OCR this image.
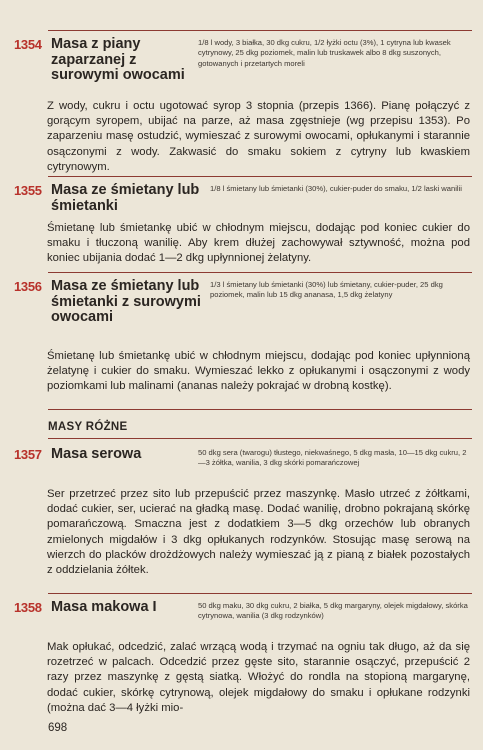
1354 Masa z piany zaparzanej z surowymi owocami
1/8 l wody, 3 białka, 30 dkg cukru, 1/2 łyżki octu (3%), 1 cytryna lub kwasek cytrynowy, 25 dkg poziomek, malin lub truskawek albo 8 dkg suszonych, gotowanych i przetartych moreli
Z wody, cukru i octu ugotować syrop 3 stopnia (przepis 1366). Pianę połączyć z gorącym syropem, ubijać na parze, aż masa zgęstnieje (wg przepisu 1353). Po zaparzeniu masę ostudzić, wymieszać z surowymi owocami, opłukanymi i starannie osączonymi z wody. Zakwasić do smaku sokiem z cytryny lub kwaskiem cytrynowym.
1355 Masa ze śmietany lub śmietanki
1/8 l śmietany lub śmietanki (30%), cukier-puder do smaku, 1/2 laski wanilii
Śmietanę lub śmietankę ubić w chłodnym miejscu, dodając pod koniec cukier do smaku i tłuczoną wanilię. Aby krem dłużej zachowywał sztywność, można pod koniec ubijania dodać 1—2 dkg upłynnionej żelatyny.
1356 Masa ze śmietany lub śmietanki z surowymi owocami
1/3 l śmietany lub śmietanki (30%) lub śmietany, cukier-puder, 25 dkg poziomek, malin lub 15 dkg ananasa, 1,5 dkg żelatyny
Śmietanę lub śmietankę ubić w chłodnym miejscu, dodając pod koniec upłynnioną żelatynę i cukier do smaku. Wymieszać lekko z opłukanymi i osączonymi z wody poziomkami lub malinami (ananas należy pokrajać w drobną kostkę).
MASY RÓŻNE
1357 Masa serowa	50 dkg sera (twarogu) tłustego, niekwaśnego, 5 dkg masła, 10—15 dkg cukru, 2—3 żółtka, wanilia, 3 dkg skórki pomarańczowej
Ser przetrzeć przez sito lub przepuścić przez maszynkę. Masło utrzeć z żółtkami, dodać cukier, ser, ucierać na gładką masę. Dodać wanilię, drobno pokrajaną skórkę pomarańczową. Smaczna jest z dodatkiem 3—5 dkg orzechów lub obranych zmielonych migdałów i 3 dkg opłukanych rodzynków. Stosując masę serową na wierzch do placków drożdżowych należy wymieszać ją z pianą z białek pozostałych z oddzielania żółtek.
1358 Masa makowa I	50 dkg maku, 30 dkg cukru, 2 białka, 5 dkg margaryny, olejek migdałowy, skórka cytrynowa, wanilia (3 dkg rodzynków)
Mak opłukać, odcedzić, zalać wrzącą wodą i trzymać na ogniu tak długo, aż da się rozetrzeć w palcach. Odcedzić przez gęste sito, starannie osączyć, przepuścić 2 razy przez maszynkę z gęstą siatką. Włożyć do rondla na stopioną margarynę, dodać cukier, skórkę cytrynową, olejek migdałowy do smaku i opłukane rodzynki (można dać 3—4 łyżki mio-
698
